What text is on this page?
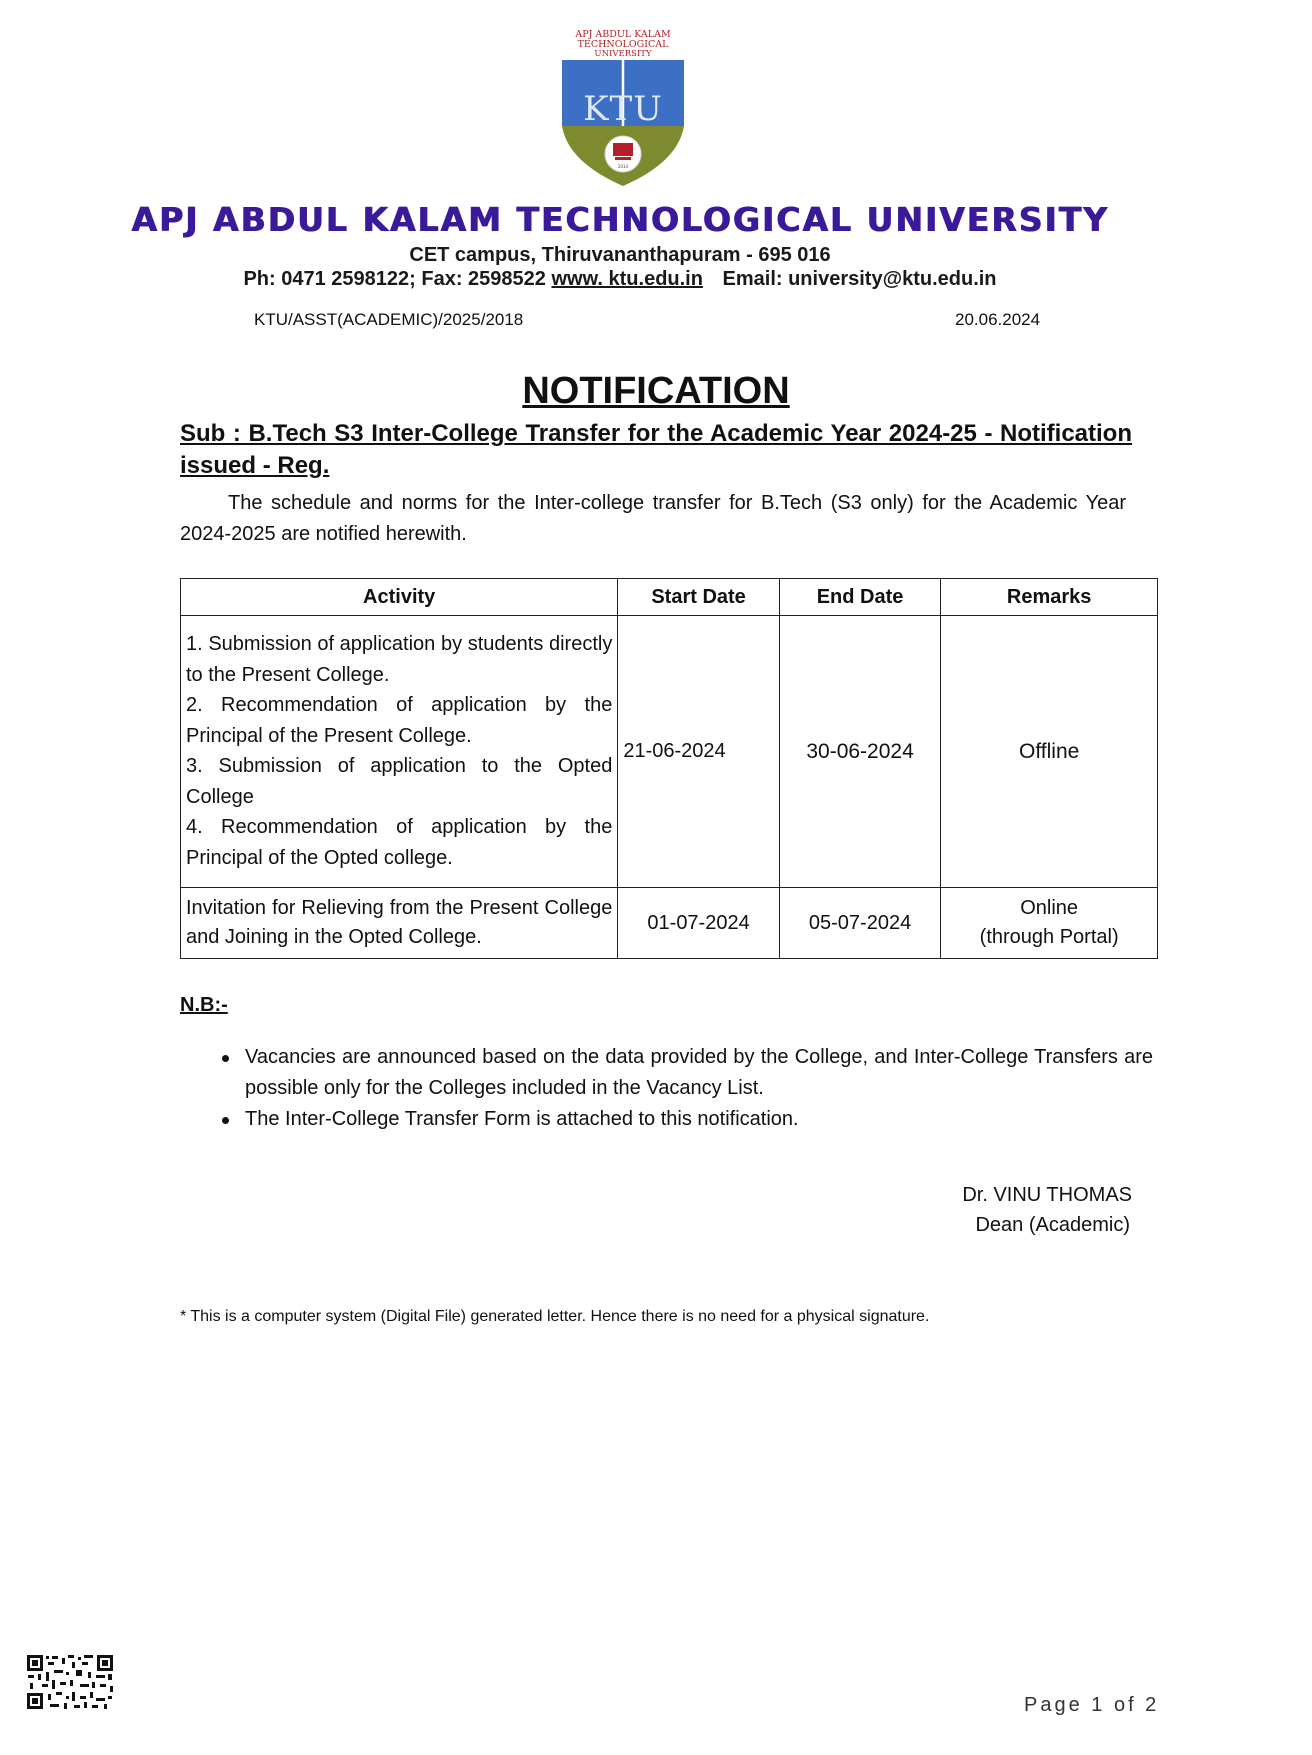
APJ ABDUL KALAM
TECHNOLOGICAL
UNIVERSITY
KTU
2014
APJ ABDUL KALAM TECHNOLOGICAL UNIVERSITY
CET campus, Thiruvananthapuram - 695 016
Ph: 0471 2598122; Fax: 2598522 www. ktu.edu.in Email: university@ktu.edu.in
KTU/ASST(ACADEMIC)/2025/2018	20.06.2024
NOTIFICATION
Sub : B.Tech S3 Inter-College Transfer for the Academic Year 2024-25 - Notification issued - Reg.
The schedule and norms for the Inter-college transfer for B.Tech (S3 only) for the Academic Year 2024-2025 are notified herewith.
Activity	Start Date	End Date	Remarks

1. Submission of application by students directly to the Present College.
2. Recommendation of application by the Principal of the Present College.
3. Submission of application to the Opted College
4. Recommendation of application by the Principal of the Opted college.	21-06-2024	30-06-2024	Offline

Invitation for Relieving from the Present College and Joining in the Opted College.	01-07-2024	05-07-2024	Online
(through Portal)
N.B:-
Vacancies are announced based on the data provided by the College, and Inter-College Transfers are possible only for the Colleges included in the Vacancy List.
The Inter-College Transfer Form is attached to this notification.
Dr. VINU THOMAS
Dean (Academic)
* This is a computer system (Digital File) generated letter. Hence there is no need for a physical signature.
Page 1 of 2
